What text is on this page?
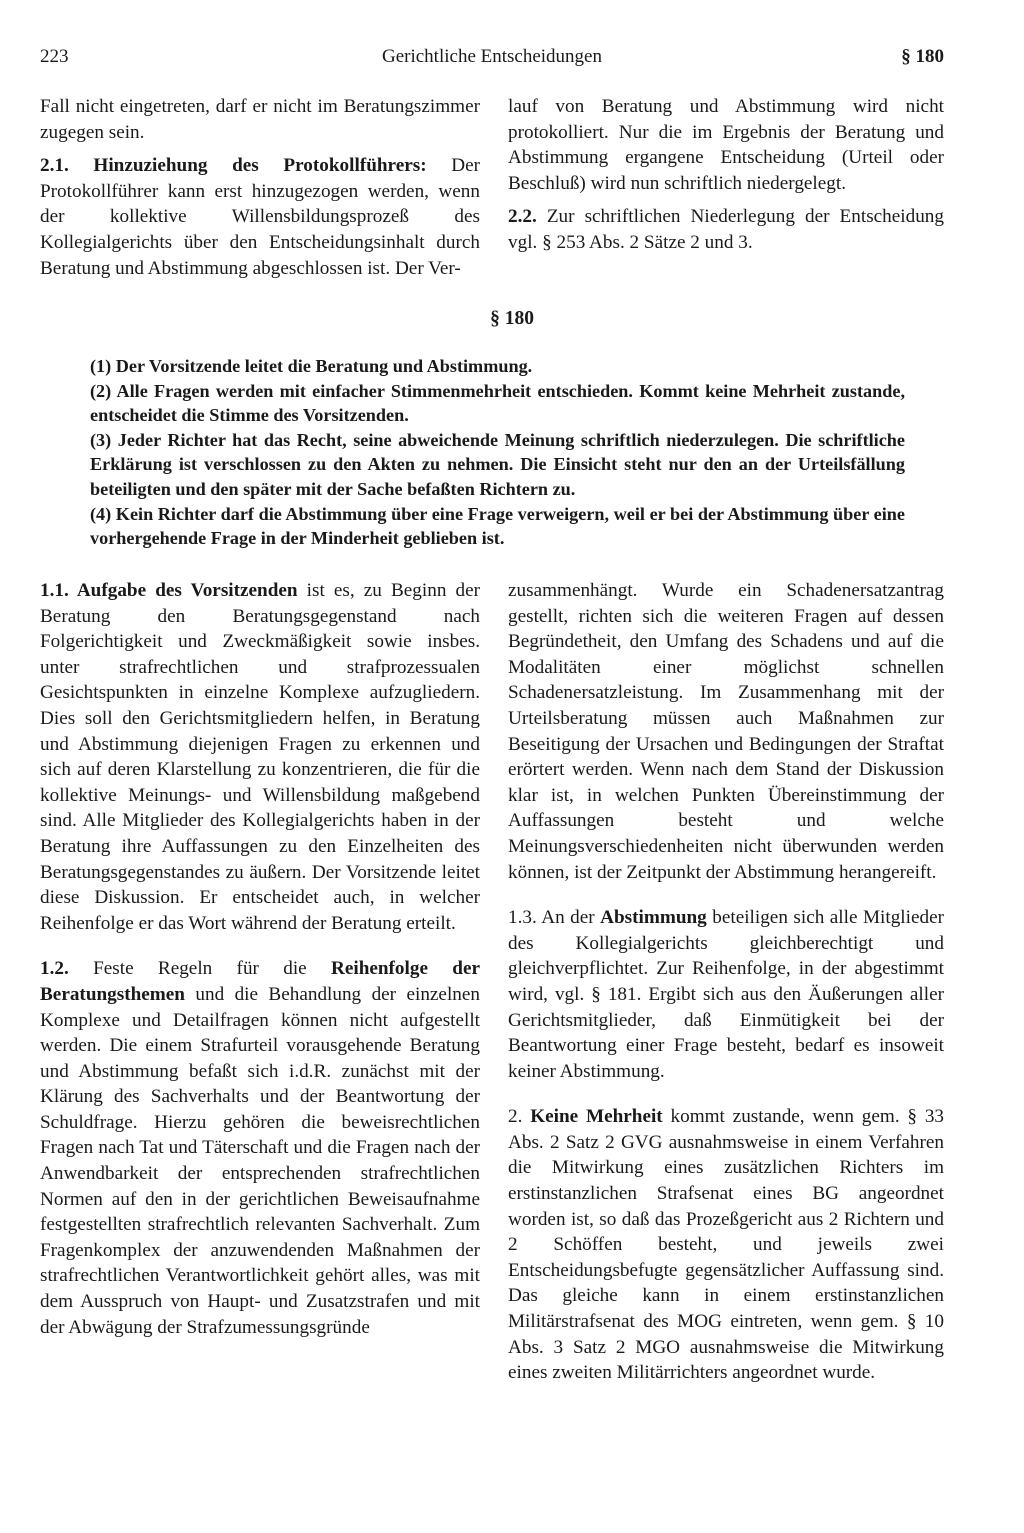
223	Gerichtliche Entscheidungen	§ 180

Fall nicht eingetreten, darf er nicht im Beratungszimmer zugegen sein.

2.1. Hinzuziehung des Protokollführers: Der Protokollführer kann erst hinzugezogen werden, wenn der kollektive Willensbildungsprozeß des Kollegialgerichts über den Entscheidungsinhalt durch Beratung und Abstimmung abgeschlossen ist. Der Ver-

lauf von Beratung und Abstimmung wird nicht protokolliert. Nur die im Ergebnis der Beratung und Abstimmung ergangene Entscheidung (Urteil oder Beschluß) wird nun schriftlich niedergelegt.

2.2. Zur schriftlichen Niederlegung der Entscheidung vgl. § 253 Abs. 2 Sätze 2 und 3.

§ 180

(1) Der Vorsitzende leitet die Beratung und Abstimmung.

(2) Alle Fragen werden mit einfacher Stimmenmehrheit entschieden. Kommt keine Mehrheit zustande, entscheidet die Stimme des Vorsitzenden.

(3) Jeder Richter hat das Recht, seine abweichende Meinung schriftlich niederzulegen. Die schriftliche Erklärung ist verschlossen zu den Akten zu nehmen. Die Einsicht steht nur den an der Urteilsfällung beteiligten und den später mit der Sache befaßten Richtern zu.

(4) Kein Richter darf die Abstimmung über eine Frage verweigern, weil er bei der Abstimmung über eine vorhergehende Frage in der Minderheit geblieben ist.

1.1. Aufgabe des Vorsitzenden ist es, zu Beginn der Beratung den Beratungsgegenstand nach Folgerichtigkeit und Zweckmäßigkeit sowie insbes. unter strafrechtlichen und strafprozessualen Gesichtspunkten in einzelne Komplexe aufzugliedern. Dies soll den Gerichtsmitgliedern helfen, in Beratung und Abstimmung diejenigen Fragen zu erkennen und sich auf deren Klarstellung zu konzentrieren, die für die kollektive Meinungs- und Willensbildung maßgebend sind. Alle Mitglieder des Kollegialgerichts haben in der Beratung ihre Auffassungen zu den Einzelheiten des Beratungsgegenstandes zu äußern. Der Vorsitzende leitet diese Diskussion. Er entscheidet auch, in welcher Reihenfolge er das Wort während der Beratung erteilt.

1.2. Feste Regeln für die Reihenfolge der Beratungsthemen und die Behandlung der einzelnen Komplexe und Detailfragen können nicht aufgestellt werden. Die einem Strafurteil vorausgehende Beratung und Abstimmung befaßt sich i.d.R. zunächst mit der Klärung des Sachverhalts und der Beantwortung der Schuldfrage. Hierzu gehören die beweisrechtlichen Fragen nach Tat und Täterschaft und die Fragen nach der Anwendbarkeit der entsprechenden strafrechtlichen Normen auf den in der gerichtlichen Beweisaufnahme festgestellten strafrechtlich relevanten Sachverhalt. Zum Fragenkomplex der anzuwendenden Maßnahmen der strafrechtlichen Verantwortlichkeit gehört alles, was mit dem Ausspruch von Haupt- und Zusatzstrafen und mit der Abwägung der Strafzumessungsgründe

zusammenhängt. Wurde ein Schadenersatzantrag gestellt, richten sich die weiteren Fragen auf dessen Begründetheit, den Umfang des Schadens und auf die Modalitäten einer möglichst schnellen Schadenersatzleistung. Im Zusammenhang mit der Urteilsberatung müssen auch Maßnahmen zur Beseitigung der Ursachen und Bedingungen der Straftat erörtert werden. Wenn nach dem Stand der Diskussion klar ist, in welchen Punkten Übereinstimmung der Auffassungen besteht und welche Meinungsverschiedenheiten nicht überwunden werden können, ist der Zeitpunkt der Abstimmung herangereift.

1.3. An der Abstimmung beteiligen sich alle Mitglieder des Kollegialgerichts gleichberechtigt und gleichverpflichtet. Zur Reihenfolge, in der abgestimmt wird, vgl. § 181. Ergibt sich aus den Äußerungen aller Gerichtsmitglieder, daß Einmütigkeit bei der Beantwortung einer Frage besteht, bedarf es insoweit keiner Abstimmung.

2. Keine Mehrheit kommt zustande, wenn gem. § 33 Abs. 2 Satz 2 GVG ausnahmsweise in einem Verfahren die Mitwirkung eines zusätzlichen Richters im erstinstanzlichen Strafsenat eines BG angeordnet worden ist, so daß das Prozeßgericht aus 2 Richtern und 2 Schöffen besteht, und jeweils zwei Entscheidungsbefugte gegensätzlicher Auffassung sind. Das gleiche kann in einem erstinstanzlichen Militärstrafsenat des MOG eintreten, wenn gem. § 10 Abs. 3 Satz 2 MGO ausnahmsweise die Mitwirkung eines zweiten Militärrichters angeordnet wurde.
